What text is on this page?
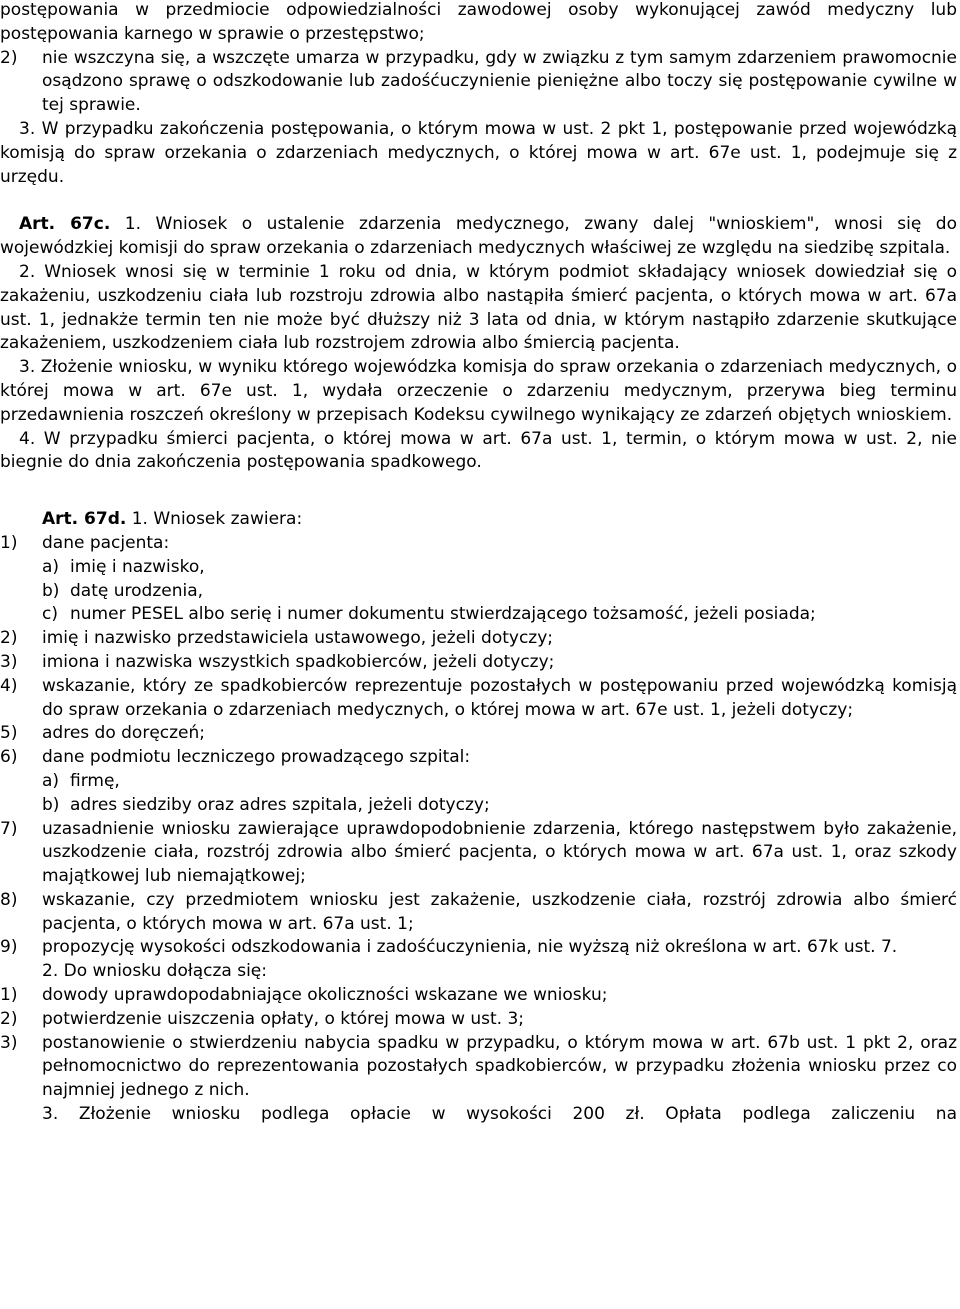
postępowania w przedmiocie odpowiedzialności zawodowej osoby wykonującej zawód medyczny lub postępowania karnego w sprawie o przestępstwo;

2)	nie wszczyna się, a wszczęte umarza w przypadku, gdy w związku z tym samym zdarzeniem prawomocnie osądzono sprawę o odszkodowanie lub zadośćuczynienie pieniężne albo toczy się postępowanie cywilne w tej sprawie.

3. W przypadku zakończenia postępowania, o którym mowa w ust. 2 pkt 1, postępowanie przed wojewódzką komisją do spraw orzekania o zdarzeniach medycznych, o której mowa w art. 67e ust. 1, podejmuje się z urzędu.

Art. 67c. 1. Wniosek o ustalenie zdarzenia medycznego, zwany dalej "wnioskiem", wnosi się do wojewódzkiej komisji do spraw orzekania o zdarzeniach medycznych właściwej ze względu na siedzibę szpitala.

2. Wniosek wnosi się w terminie 1 roku od dnia, w którym podmiot składający wniosek dowiedział się o zakażeniu, uszkodzeniu ciała lub rozstroju zdrowia albo nastąpiła śmierć pacjenta, o których mowa w art. 67a ust. 1, jednakże termin ten nie może być dłuższy niż 3 lata od dnia, w którym nastąpiło zdarzenie skutkujące zakażeniem, uszkodzeniem ciała lub rozstrojem zdrowia albo śmiercią pacjenta.

3. Złożenie wniosku, w wyniku którego wojewódzka komisja do spraw orzekania o zdarzeniach medycznych, o której mowa w art. 67e ust. 1, wydała orzeczenie o zdarzeniu medycznym, przerywa bieg terminu przedawnienia roszczeń określony w przepisach Kodeksu cywilnego wynikający ze zdarzeń objętych wnioskiem.

4. W przypadku śmierci pacjenta, o której mowa w art. 67a ust. 1, termin, o którym mowa w ust. 2, nie biegnie do dnia zakończenia postępowania spadkowego.

Art. 67d. 1. Wniosek zawiera:

1)	dane pacjenta:
a) imię i nazwisko,
b) datę urodzenia,
c) numer PESEL albo serię i numer dokumentu stwierdzającego tożsamość, jeżeli posiada;
2)	imię i nazwisko przedstawiciela ustawowego, jeżeli dotyczy;
3)	imiona i nazwiska wszystkich spadkobierców, jeżeli dotyczy;
4)	wskazanie, który ze spadkobierców reprezentuje pozostałych w postępowaniu przed wojewódzką komisją do spraw orzekania o zdarzeniach medycznych, o której mowa w art. 67e ust. 1, jeżeli dotyczy;
5)	adres do doręczeń;
6)	dane podmiotu leczniczego prowadzącego szpital:
a) firmę,
b) adres siedziby oraz adres szpitala, jeżeli dotyczy;
7)	uzasadnienie wniosku zawierające uprawdopodobnienie zdarzenia, którego następstwem było zakażenie, uszkodzenie ciała, rozstrój zdrowia albo śmierć pacjenta, o których mowa w art. 67a ust. 1, oraz szkody majątkowej lub niemajątkowej;
8)	wskazanie, czy przedmiotem wniosku jest zakażenie, uszkodzenie ciała, rozstrój zdrowia albo śmierć pacjenta, o których mowa w art. 67a ust. 1;
9)	propozycję wysokości odszkodowania i zadośćuczynienia, nie wyższą niż określona w art. 67k ust. 7.

2. Do wniosku dołącza się:

1)	dowody uprawdopodabniające okoliczności wskazane we wniosku;
2)	potwierdzenie uiszczenia opłaty, o której mowa w ust. 3;
3)	postanowienie o stwierdzeniu nabycia spadku w przypadku, o którym mowa w art. 67b ust. 1 pkt 2, oraz pełnomocnictwo do reprezentowania pozostałych spadkobierców, w przypadku złożenia wniosku przez co najmniej jednego z nich.

3. Złożenie wniosku podlega opłacie w wysokości 200 zł. Opłata podlega zaliczeniu na
